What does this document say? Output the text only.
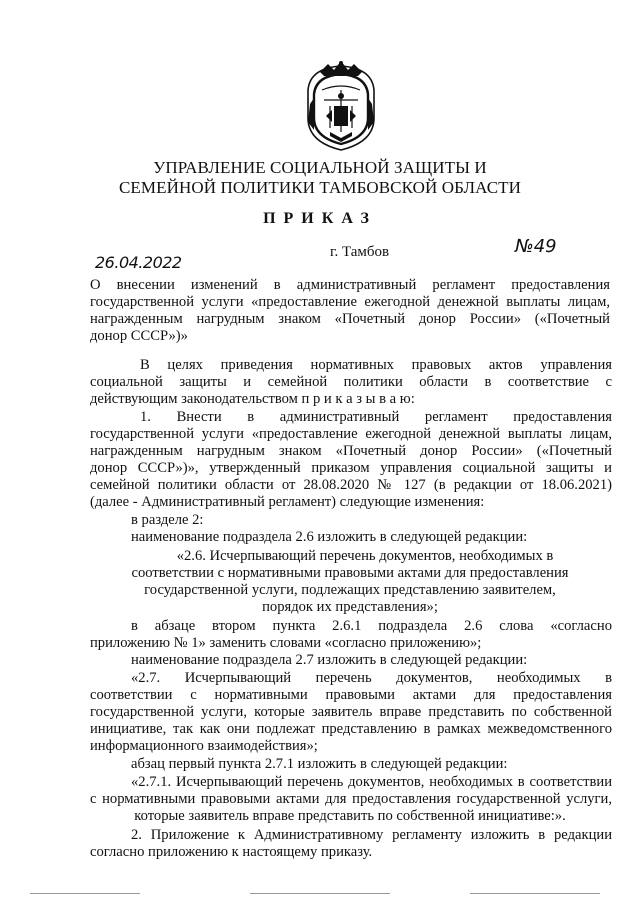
УПРАВЛЕНИЕ СОЦИАЛЬНОЙ ЗАЩИТЫ И
СЕМЕЙНОЙ ПОЛИТИКИ ТАМБОВСКОЙ ОБЛАСТИ
ПРИКАЗ
26.04.2022
г. Тамбов	№49

О внесении изменений в административный регламент предоставления

государственной услуги «предоставление ежегодной денежной выплаты лицам,

награжденным нагрудным знаком «Почетный донор России» («Почетный

донор СССР»)»

В целях приведения нормативных правовых актов управления

социальной защиты и семейной политики области в соответствие с

действующим законодательством п р и к а з ы в а ю:

1. Внести в административный регламент предоставления

государственной услуги «предоставление ежегодной денежной выплаты лицам,

награжденным нагрудным знаком «Почетный донор России» («Почетный

донор СССР»)», утвержденный приказом управления социальной защиты и

семейной политики области от 28.08.2020 № 127 (в редакции от 18.06.2021)

(далее - Административный регламент) следующие изменения:

в разделе 2:

наименование подраздела 2.6 изложить в следующей редакции:

«2.6. Исчерпывающий перечень документов, необходимых в

соответствии с нормативными правовыми актами для предоставления

государственной услуги, подлежащих представлению заявителем,

порядок их представления»;

в абзаце втором пункта 2.6.1 подраздела 2.6 слова «согласно

приложению № 1» заменить словами «согласно приложению»;

наименование подраздела 2.7 изложить в следующей редакции:

«2.7. Исчерпывающий перечень документов, необходимых в

соответствии с нормативными правовыми актами для предоставления

государственной услуги, которые заявитель вправе представить по собственной

инициативе, так как они подлежат представлению в рамках межведомственного

информационного взаимодействия»;

абзац первый пункта 2.7.1 изложить в следующей редакции:

«2.7.1. Исчерпывающий перечень документов, необходимых в соответствии

с нормативными правовыми актами для предоставления государственной услуги,

которые заявитель вправе представить по собственной инициативе:».

2. Приложение к Административному регламенту изложить в редакции

согласно приложению к настоящему приказу.
